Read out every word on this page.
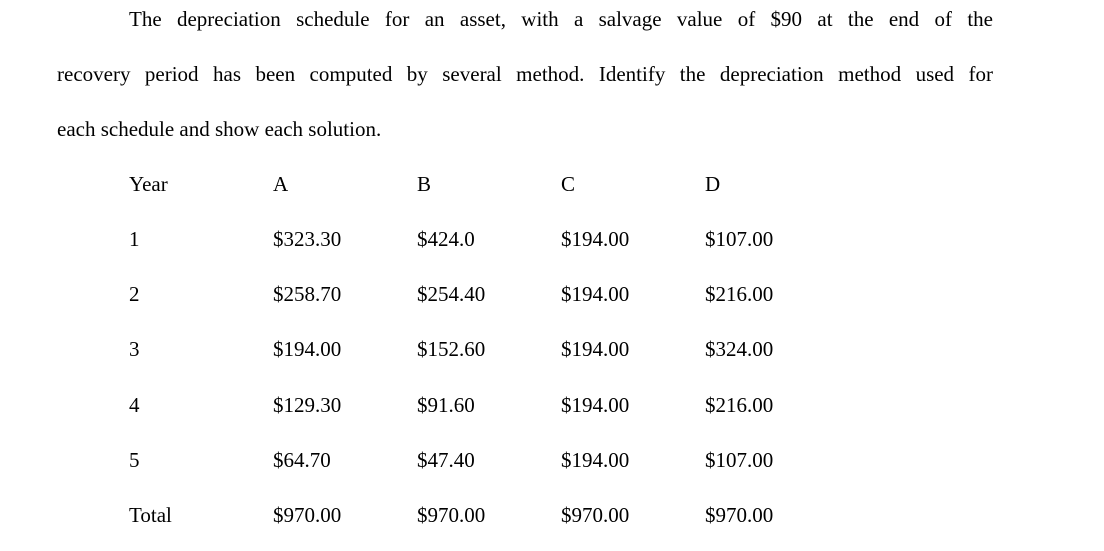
The depreciation schedule for an asset, with a salvage value of $90 at the end of the
recovery period has been computed by several method. Identify the depreciation method used for
each schedule and show each solution.
Year	A	B	C	D
1	$323.30	$424.0	$194.00	$107.00
2	$258.70	$254.40	$194.00	$216.00
3	$194.00	$152.60	$194.00	$324.00
4	$129.30	$91.60	$194.00	$216.00
5	$64.70	$47.40	$194.00	$107.00
Total	$970.00	$970.00	$970.00	$970.00
